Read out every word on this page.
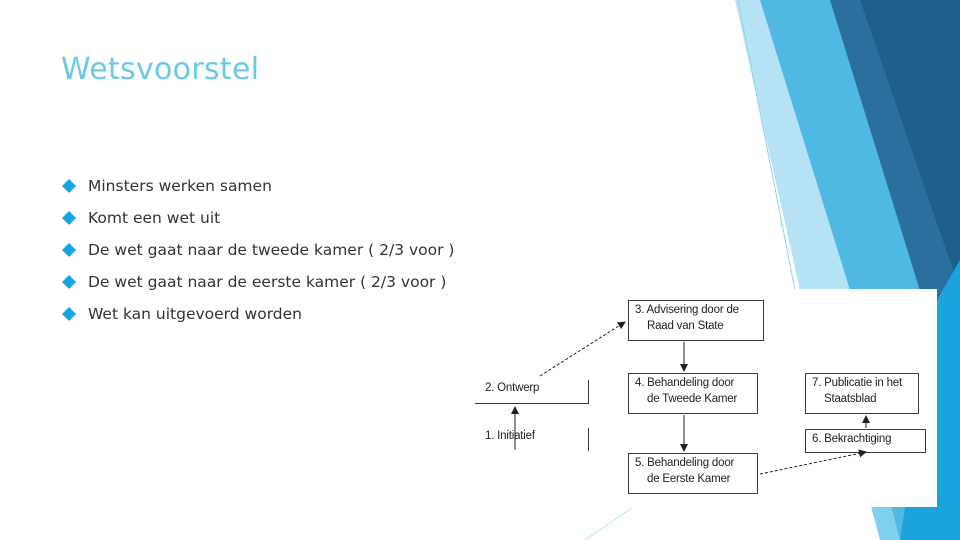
Wetsvoorstel
Minsters werken samen
Komt een wet uit
De wet gaat naar de tweede kamer ( 2/3 voor )
De wet gaat naar de eerste kamer ( 2/3 voor )
Wet kan uitgevoerd worden
1. Initiatief
2. Ontwerp
3. Advisering door de
Raad van State
4. Behandeling door
de Tweede Kamer
5. Behandeling door
de Eerste Kamer
7. Publicatie in het
Staatsblad
6. Bekrachtiging
